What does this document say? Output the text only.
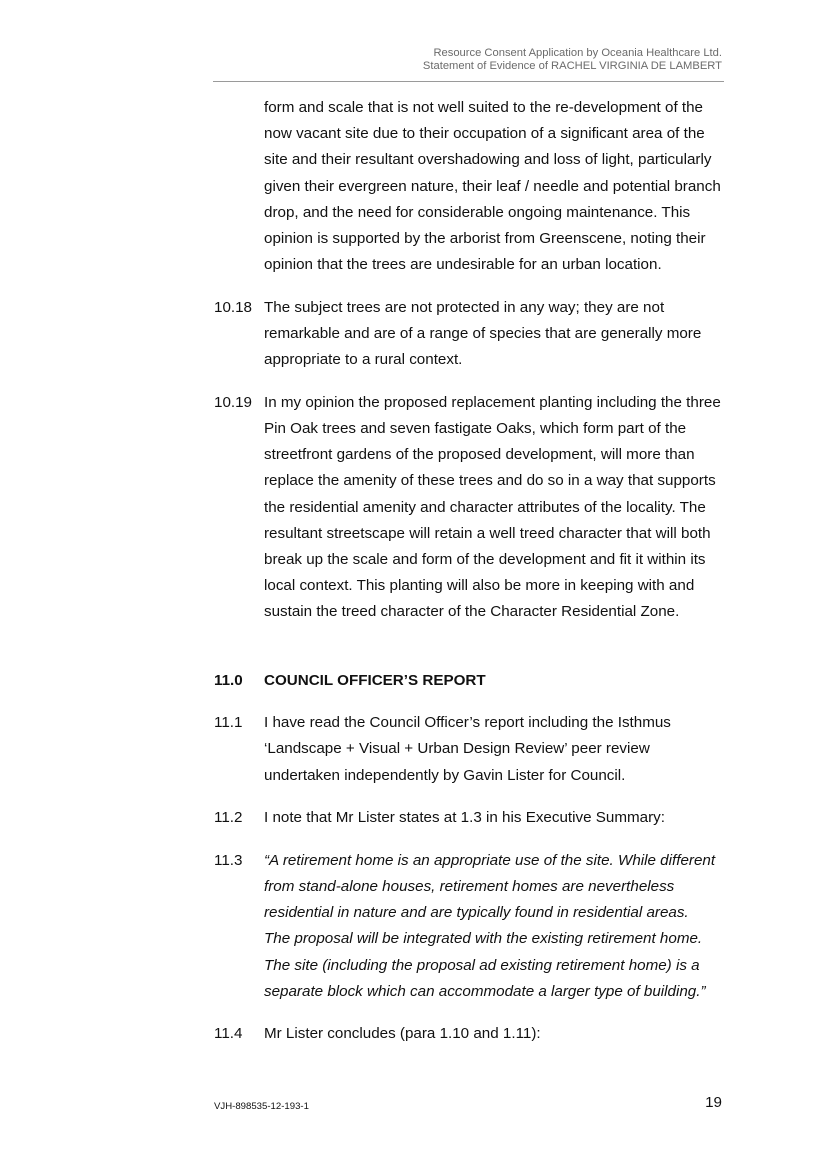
Resource Consent Application by Oceania Healthcare Ltd.
Statement of Evidence of RACHEL VIRGINIA DE LAMBERT
form and scale that is not well suited to the re-development of the
now vacant site due to their occupation of a significant area of the
site and their resultant overshadowing and loss of light, particularly
given their evergreen nature, their leaf / needle and potential branch
drop, and the need for considerable ongoing maintenance. This
opinion is supported by the arborist from Greenscene, noting their
opinion that the trees are undesirable for an urban location.
10.18 The subject trees are not protected in any way; they are not
remarkable and are of a range of species that are generally more
appropriate to a rural context.
10.19 In my opinion the proposed replacement planting including the three
Pin Oak trees and seven fastigate Oaks, which form part of the
streetfront gardens of the proposed development, will more than
replace the amenity of these trees and do so in a way that supports
the residential amenity and character attributes of the locality. The
resultant streetscape will retain a well treed character that will both
break up the scale and form of the development and fit it within its
local context. This planting will also be more in keeping with and
sustain the treed character of the Character Residential Zone.
11.0	COUNCIL OFFICER’S REPORT
11.1	I have read the Council Officer’s report including the Isthmus
‘Landscape + Visual + Urban Design Review’ peer review
undertaken independently by Gavin Lister for Council.
11.2	I note that Mr Lister states at 1.3 in his Executive Summary:
11.3	“A retirement home is an appropriate use of the site. While different
from stand-alone houses, retirement homes are nevertheless
residential in nature and are typically found in residential areas.
The proposal will be integrated with the existing retirement home.
The site (including the proposal ad existing retirement home) is a
separate block which can accommodate a larger type of building.”
11.4	Mr Lister concludes (para 1.10 and 1.11):
VJH-898535-12-193-1	19
